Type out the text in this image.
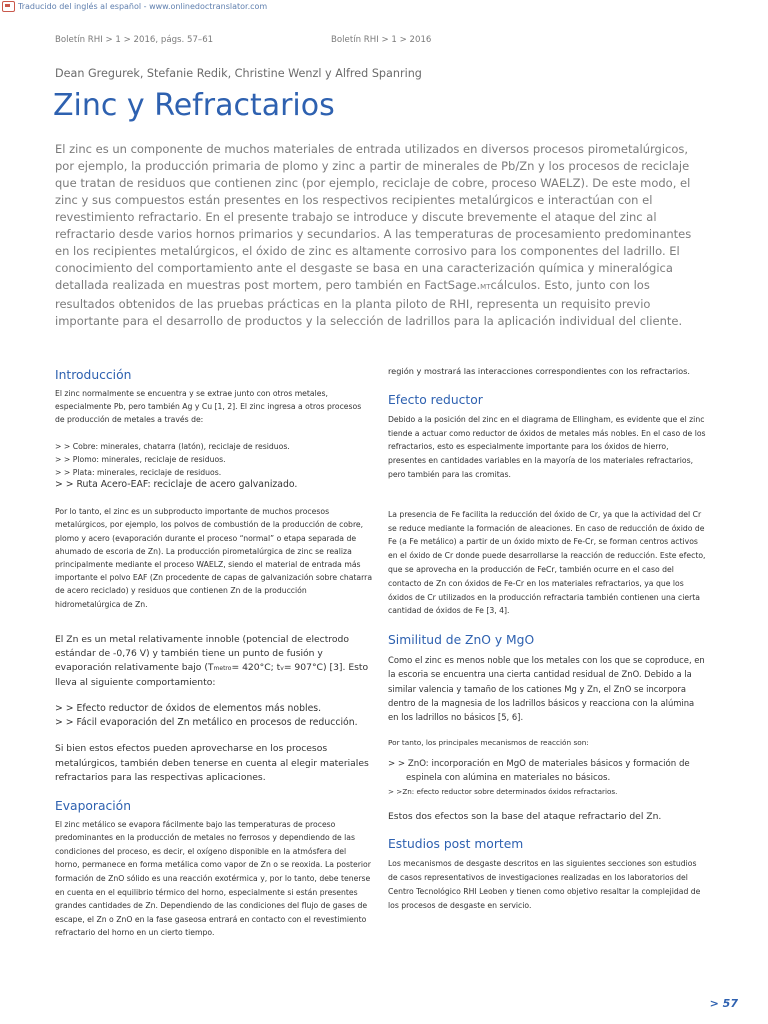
Traducido del inglés al español - www.onlinedoctranslator.com
Boletín RHI > 1 > 2016, págs. 57–61	Boletín RHI > 1 > 2016
Dean Gregurek, Stefanie Redik, Christine Wenzl y Alfred Spanring
Zinc y Refractarios

El zinc es un componente de muchos materiales de entrada utilizados en diversos procesos pirometalúrgicos, por ejemplo, la producción primaria de plomo y zinc a partir de minerales de Pb/Zn y los procesos de reciclaje que tratan de residuos que contienen zinc (por ejemplo, reciclaje de cobre, proceso WAELZ). De este modo, el zinc y sus compuestos están presentes en los respectivos recipientes metalúrgicos e interactúan con el revestimiento refractario. En el presente trabajo se introduce y discute brevemente el ataque del zinc al refractario desde varios hornos primarios y secundarios. A las temperaturas de procesamiento predominantes en los recipientes metalúrgicos, el óxido de zinc es altamente corrosivo para los componentes del ladrillo. El conocimiento del comportamiento ante el desgaste se basa en una caracterización química y mineralógica detallada realizada en muestras post mortem, pero también en FactSage.MTcálculos. Esto, junto con los resultados obtenidos de las pruebas prácticas en la planta piloto de RHI, representa un requisito previo importante para el desarrollo de productos y la selección de ladrillos para la aplicación individual del cliente.

Introducción

El zinc normalmente se encuentra y se extrae junto con otros metales, especialmente Pb, pero también Ag y Cu [1, 2]. El zinc ingresa a otros procesos de producción de metales a través de:

> > Cobre: minerales, chatarra (latón), reciclaje de residuos.
> > Plomo: minerales, reciclaje de residuos.
> > Plata: minerales, reciclaje de residuos.
> > Ruta Acero-EAF: reciclaje de acero galvanizado.

Por lo tanto, el zinc es un subproducto importante de muchos procesos metalúrgicos, por ejemplo, los polvos de combustión de la producción de cobre, plomo y acero (evaporación durante el proceso “normal” o etapa separada de ahumado de escoria de Zn). La producción pirometalúrgica de zinc se realiza principalmente mediante el proceso WAELZ, siendo el material de entrada más importante el polvo EAF (Zn procedente de capas de galvanización sobre chatarra de acero reciclado) y residuos que contienen Zn de la producción hidrometalúrgica de Zn.

El Zn es un metal relativamente innoble (potencial de electrodo estándar de -0,76 V) y también tiene un punto de fusión y evaporación relativamente bajo (Tmetro= 420°C; tv= 907°C) [3]. Esto lleva al siguiente comportamiento:

> > Efecto reductor de óxidos de elementos más nobles.
> > Fácil evaporación del Zn metálico en procesos de reducción.

Si bien estos efectos pueden aprovecharse en los procesos metalúrgicos, también deben tenerse en cuenta al elegir materiales refractarios para las respectivas aplicaciones.

Evaporación

El zinc metálico se evapora fácilmente bajo las temperaturas de proceso predominantes en la producción de metales no ferrosos y dependiendo de las condiciones del proceso, es decir, el oxígeno disponible en la atmósfera del horno, permanece en forma metálica como vapor de Zn o se reoxida. La posterior formación de ZnO sólido es una reacción exotérmica y, por lo tanto, debe tenerse en cuenta en el equilibrio térmico del horno, especialmente si están presentes grandes cantidades de Zn. Dependiendo de las condiciones del flujo de gases de escape, el Zn o ZnO en la fase gaseosa entrará en contacto con el revestimiento refractario del horno en un cierto tiempo.

región y mostrará las interacciones correspondientes con los refractarios.

Efecto reductor

Debido a la posición del zinc en el diagrama de Ellingham, es evidente que el zinc tiende a actuar como reductor de óxidos de metales más nobles. En el caso de los refractarios, esto es especialmente importante para los óxidos de hierro, presentes en cantidades variables en la mayoría de los materiales refractarios, pero también para las cromitas.

La presencia de Fe facilita la reducción del óxido de Cr, ya que la actividad del Cr se reduce mediante la formación de aleaciones. En caso de reducción de óxido de Fe (a Fe metálico) a partir de un óxido mixto de Fe-Cr, se forman centros activos en el óxido de Cr donde puede desarrollarse la reacción de reducción. Este efecto, que se aprovecha en la producción de FeCr, también ocurre en el caso del contacto de Zn con óxidos de Fe-Cr en los materiales refractarios, ya que los óxidos de Cr utilizados en la producción refractaria también contienen una cierta cantidad de óxidos de Fe [3, 4].

Similitud de ZnO y MgO

Como el zinc es menos noble que los metales con los que se coproduce, en la escoria se encuentra una cierta cantidad residual de ZnO. Debido a la similar valencia y tamaño de los cationes Mg y Zn, el ZnO se incorpora dentro de la magnesia de los ladrillos básicos y reacciona con la alúmina en los ladrillos no básicos [5, 6].

Por tanto, los principales mecanismos de reacción son:

> > ZnO: incorporación en MgO de materiales básicos y formación de
espinela con alúmina en materiales no básicos.
> >Zn: efecto reductor sobre determinados óxidos refractarios.

Estos dos efectos son la base del ataque refractario del Zn.

Estudios post mortem

Los mecanismos de desgaste descritos en las siguientes secciones son estudios de casos representativos de investigaciones realizadas en los laboratorios del Centro Tecnológico RHI Leoben y tienen como objetivo resaltar la complejidad de los procesos de desgaste en servicio.

> 57
